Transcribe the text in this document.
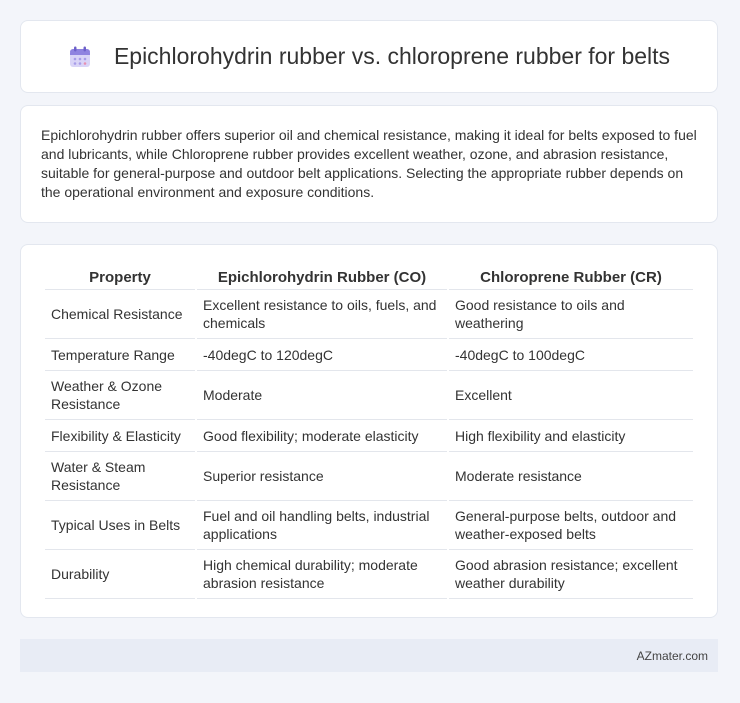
Epichlorohydrin rubber vs. chloroprene rubber for belts

Epichlorohydrin rubber offers superior oil and chemical resistance, making it ideal for belts exposed to fuel and lubricants, while Chloroprene rubber provides excellent weather, ozone, and abrasion resistance, suitable for general-purpose and outdoor belt applications. Selecting the appropriate rubber depends on the operational environment and exposure conditions.

Property	Epichlorohydrin Rubber (CO)	Chloroprene Rubber (CR)
Chemical Resistance	Excellent resistance to oils, fuels, and chemicals	Good resistance to oils and weathering
Temperature Range	-40degC to 120degC	-40degC to 100degC
Weather & Ozone Resistance	Moderate	Excellent
Flexibility & Elasticity	Good flexibility; moderate elasticity	High flexibility and elasticity
Water & Steam Resistance	Superior resistance	Moderate resistance
Typical Uses in Belts	Fuel and oil handling belts, industrial applications	General-purpose belts, outdoor and weather-exposed belts
Durability	High chemical durability; moderate abrasion resistance	Good abrasion resistance; excellent weather durability
AZmater.com
